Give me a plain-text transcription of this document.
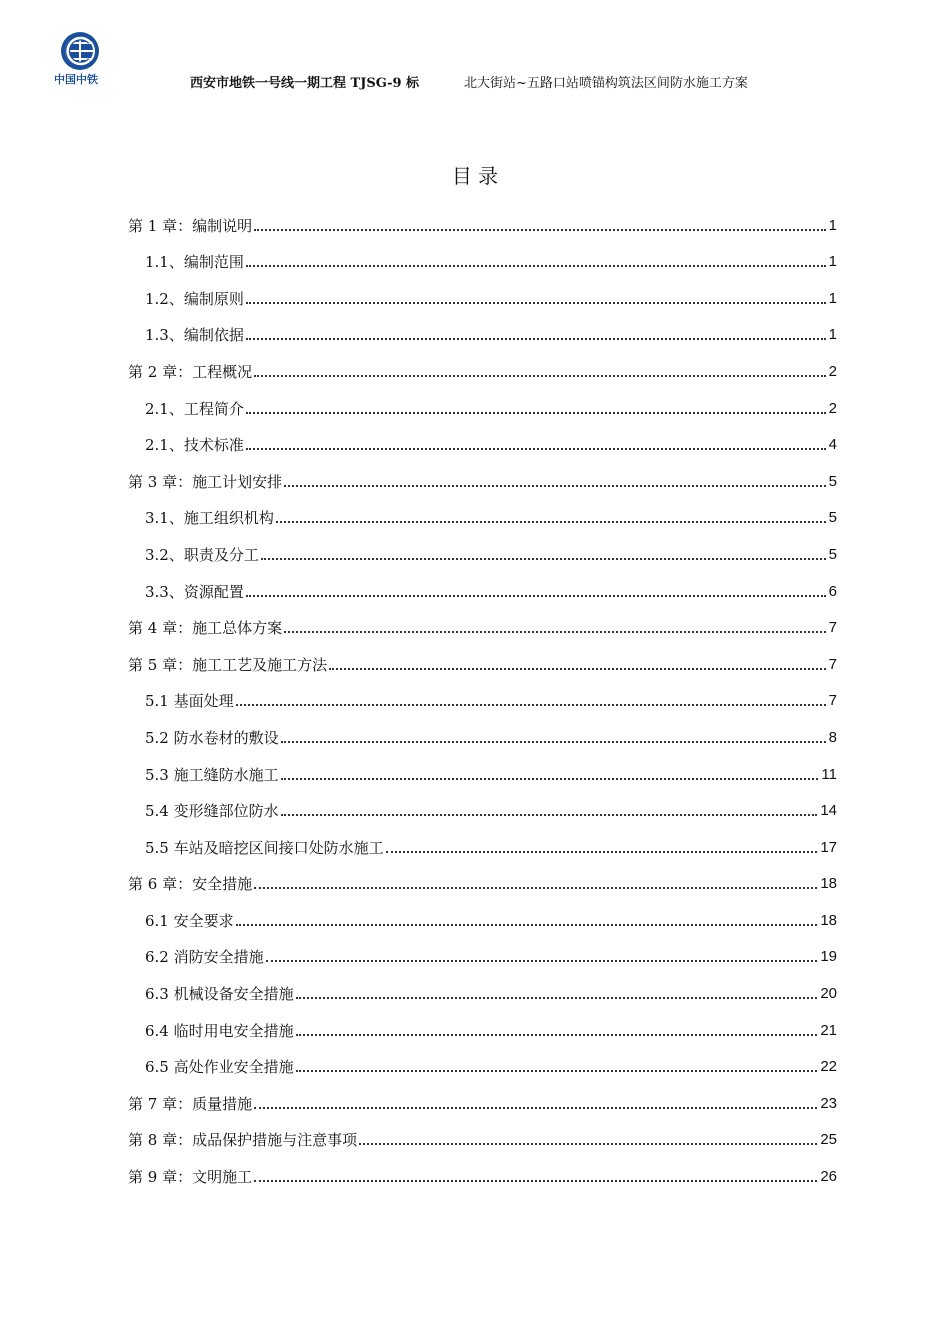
中国中铁	西安市地铁一号线一期工程 TJSG-9 标	北大街站~五路口站喷锚构筑法区间防水施工方案
目 录
第 1 章：编制说明	1
1.1、编制范围	1
1.2、编制原则	1
1.3、编制依据	1
第 2 章：工程概况	2
2.1、工程简介	2
2.1、技术标准	4
第 3 章：施工计划安排	5
3.1、施工组织机构	5
3.2、职责及分工	5
3.3、资源配置	6
第 4 章：施工总体方案	7
第 5 章：施工工艺及施工方法	7
5.1 基面处理	7
5.2 防水卷材的敷设	8
5.3 施工缝防水施工	11
5.4 变形缝部位防水	14
5.5 车站及暗挖区间接口处防水施工	17
第 6 章：安全措施	18
6.1 安全要求	18
6.2 消防安全措施	19
6.3 机械设备安全措施	20
6.4 临时用电安全措施	21
6.5 高处作业安全措施	22
第 7 章：质量措施	23
第 8 章：成品保护措施与注意事项	25
第 9 章：文明施工	26
